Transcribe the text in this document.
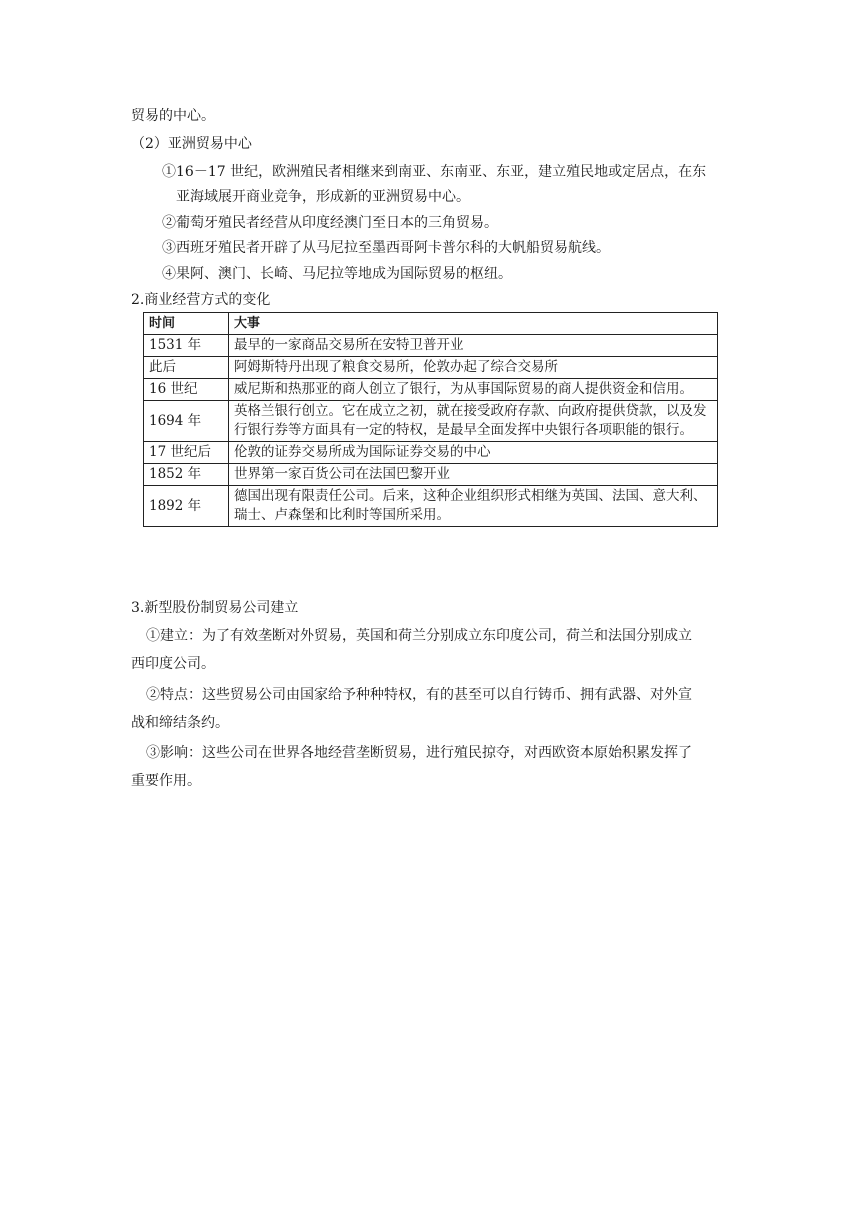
贸易的中心。
（2）亚洲贸易中心
①16－17 世纪，欧洲殖民者相继来到南亚、东南亚、东亚，建立殖民地或定居点，在东
亚海域展开商业竞争，形成新的亚洲贸易中心。
②葡萄牙殖民者经营从印度经澳门至日本的三角贸易。
③西班牙殖民者开辟了从马尼拉至墨西哥阿卡普尔科的大帆船贸易航线。
④果阿、澳门、长崎、马尼拉等地成为国际贸易的枢纽。
2.商业经营方式的变化
时间	大事
1531 年	最早的一家商品交易所在安特卫普开业
此后	阿姆斯特丹出现了粮食交易所，伦敦办起了综合交易所
16 世纪	威尼斯和热那亚的商人创立了银行，为从事国际贸易的商人提供资金和信用。
1694 年	英格兰银行创立。它在成立之初，就在接受政府存款、向政府提供贷款，以及发行银行券等方面具有一定的特权，是最早全面发挥中央银行各项职能的银行。
17 世纪后	伦敦的证券交易所成为国际证券交易的中心
1852 年	世界第一家百货公司在法国巴黎开业
1892 年	德国出现有限责任公司。后来，这种企业组织形式相继为英国、法国、意大利、瑞士、卢森堡和比利时等国所采用。
3.新型股份制贸易公司建立
①建立：为了有效垄断对外贸易，英国和荷兰分别成立东印度公司，荷兰和法国分别成立
西印度公司。
②特点：这些贸易公司由国家给予种种特权，有的甚至可以自行铸币、拥有武器、对外宣
战和缔结条约。
③影响：这些公司在世界各地经营垄断贸易，进行殖民掠夺，对西欧资本原始积累发挥了
重要作用。
